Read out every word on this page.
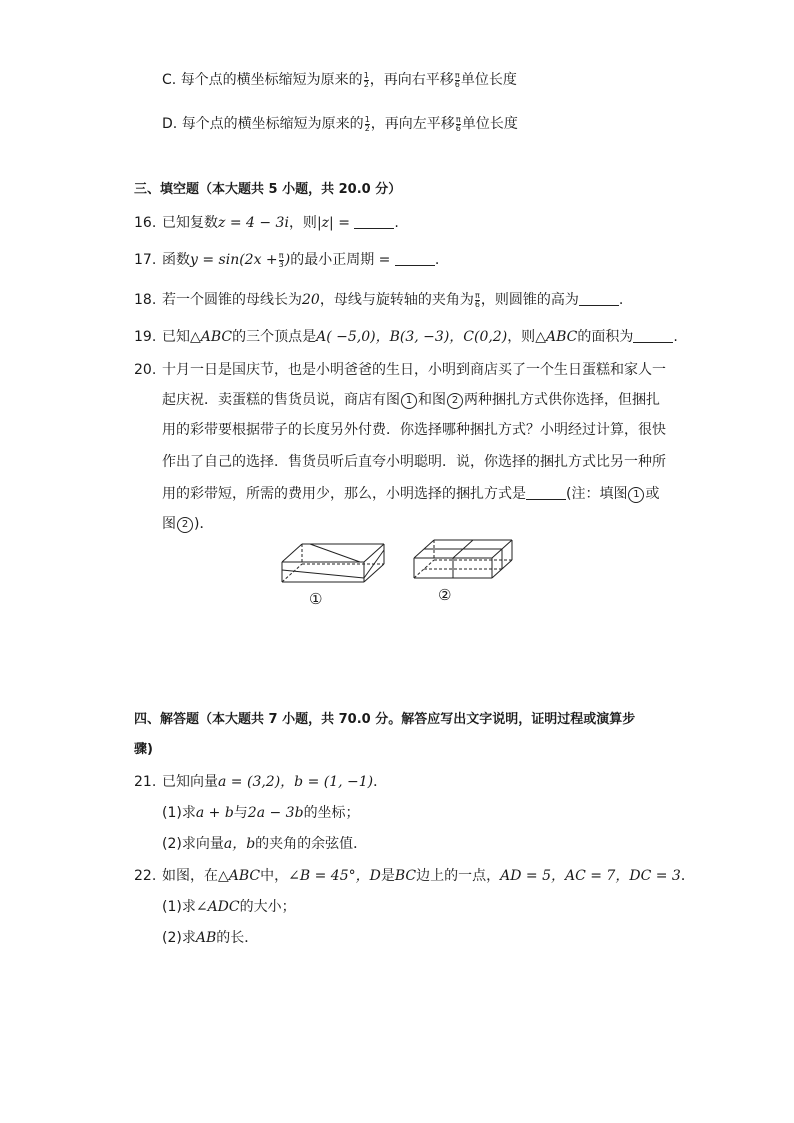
C. 每个点的横坐标缩短为原来的 $\frac{1}{2}$ ，再向右平移 $\frac{\pi}{6}$ 单位长度
D. 每个点的横坐标缩短为原来的 $\frac{1}{2}$ ，再向左平移 $\frac{\pi}{6}$ 单位长度
三、填空题（本大题共 5 小题，共 20.0 分）
16. 已知复数z = 4 − 3i，则|z| =	.
17. 函数$y = \sin(2x + \frac{\pi}{3}$ )的最小正周期 =	.
18. 若一个圆锥的母线长为20，母线与旋转轴的夹角为 $\frac{\pi}{6}$ ，则圆锥的高为	.
19. 已知△ABC的三个顶点是A( −5,0)，B(3, −3)，C(0,2)，则△ABC的面积为	.
20. 十月一日是国庆节，也是小明爸爸的生日，小明到商店买了一个生日蛋糕和家人一
起庆祝．卖蛋糕的售货员说，商店有图 1 和图 2 两种捆扎方式供你选择，但捆扎
用的彩带要根据带子的长度另外付费．你选择哪种捆扎方式？小明经过计算，很快
作出了自己的选择．售货员听后直夸小明聪明．说，你选择的捆扎方式比另一种所
用的彩带短，所需的费用少，那么，小明选择的捆扎方式是	(注：填图 1 或
图 2 )．
①	②
四、解答题（本大题共 7 小题，共 70.0 分。解答应写出文字说明，证明过程或演算步
骤)
21. 已知向量a = (3,2)，b = (1, −1)．
(1)求a + b与2a − 3b的坐标；
(2)求向量a，b的夹角的余弦值．
22. 如图，在△ABC中，∠B = 45°，D是BC边上的一点，AD = 5，AC = 7，DC = 3．
(1)求∠ADC的大小；
(2)求AB的长．
